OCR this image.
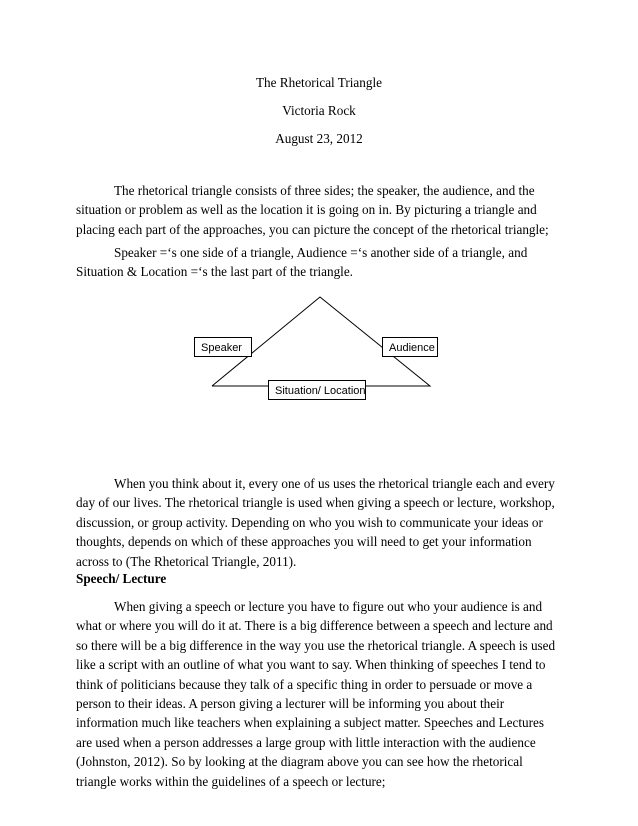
The Rhetorical Triangle
Victoria Rock
August 23, 2012
The rhetorical triangle consists of three sides; the speaker, the audience, and the situation or problem as well as the location it is going on in. By picturing a triangle and placing each part of the approaches, you can picture the concept of the rhetorical triangle;
Speaker =‘s one side of a triangle, Audience =‘s another side of a triangle, and Situation & Location =‘s the last part of the triangle.
Speaker	Audience
Situation/ Location
When you think about it, every one of us uses the rhetorical triangle each and every day of our lives. The rhetorical triangle is used when giving a speech or lecture, workshop, discussion, or group activity. Depending on who you wish to communicate your ideas or thoughts, depends on which of these approaches you will need to get your information across to (The Rhetorical Triangle, 2011).
Speech/ Lecture
When giving a speech or lecture you have to figure out who your audience is and what or where you will do it at. There is a big difference between a speech and lecture and so there will be a big difference in the way you use the rhetorical triangle. A speech is used like a script with an outline of what you want to say. When thinking of speeches I tend to think of politicians because they talk of a specific thing in order to persuade or move a person to their ideas. A person giving a lecturer will be informing you about their information much like teachers when explaining a subject matter. Speeches and Lectures are used when a person addresses a large group with little interaction with the audience (Johnston, 2012). So by looking at the diagram above you can see how the rhetorical triangle works within the guidelines of a speech or lecture;
